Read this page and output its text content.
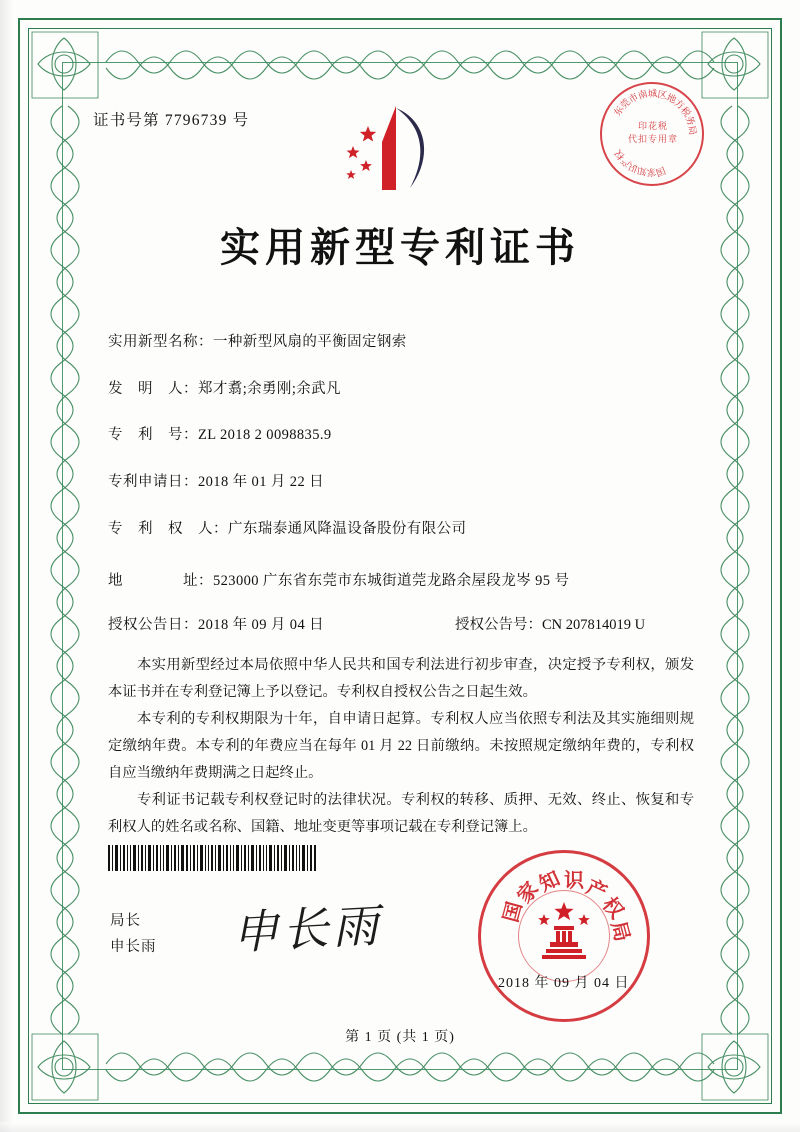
证书号第 7796739 号
东
莞
市
南
城
区
地
方
税
务
局
国
家
知
识
产
权
印花税
代扣专用章
实用新型专利证书
实用新型名称：一种新型风扇的平衡固定钢索
发　明　人：郑才翥;余勇刚;余武凡
专　利　号：ZL 2018 2 0098835.9
专利申请日：2018 年 01 月 22 日
专　利　权　人：广东瑞泰通风降温设备股份有限公司
地　　　　址：523000 广东省东莞市东城街道莞龙路余屋段龙岑 95 号
授权公告日：2018 年 09 月 04 日	授权公告号：CN 207814019 U
本实用新型经过本局依照中华人民共和国专利法进行初步审查，决定授予专利权，颁发本证书并在专利登记簿上予以登记。专利权自授权公告之日起生效。
本专利的专利权期限为十年，自申请日起算。专利权人应当依照专利法及其实施细则规定缴纳年费。本专利的年费应当在每年 01 月 22 日前缴纳。未按照规定缴纳年费的，专利权自应当缴纳年费期满之日起终止。
专利证书记载专利权登记时的法律状况。专利权的转移、质押、无效、终止、恢复和专利权人的姓名或名称、国籍、地址变更等事项记载在专利登记簿上。
局长
申长雨 申长雨	国
家
知 识
产
权
局
2018 年 09 月 04 日
第 1 页 (共 1 页)
